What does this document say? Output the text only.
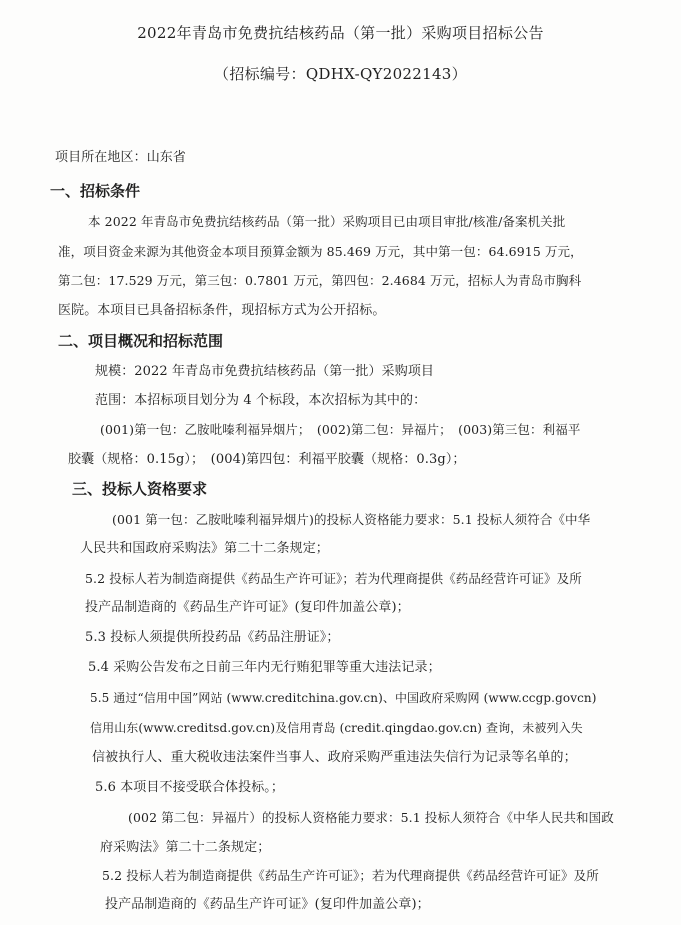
2022年青岛市免费抗结核药品（第一批）采购项目招标公告
（招标编号：QDHX-QY2022143）
项目所在地区：山东省
一、招标条件
本 2022 年青岛市免费抗结核药品（第一批）采购项目已由项目审批/核准/备案机关批
准，项目资金来源为其他资金本项目预算金额为 85.469 万元，其中第一包：64.6915 万元，
第二包：17.529 万元，第三包：0.7801 万元，第四包：2.4684 万元，招标人为青岛市胸科
医院。本项目已具备招标条件，现招标方式为公开招标。
二、项目概况和招标范围
规模：2022 年青岛市免费抗结核药品（第一批）采购项目
范围：本招标项目划分为 4 个标段，本次招标为其中的：
(001)第一包：乙胺吡嗪利福异烟片；　(002)第二包：异福片；　(003)第三包：利福平
胶囊（规格：0.15g）；　(004)第四包：利福平胶囊（规格：0.3g）；
三、投标人资格要求
(001 第一包：乙胺吡嗪利福异烟片)的投标人资格能力要求：5.1 投标人须符合《中华
人民共和国政府采购法》第二十二条规定；
5.2 投标人若为制造商提供《药品生产许可证》；若为代理商提供《药品经营许可证》及所
投产品制造商的《药品生产许可证》(复印件加盖公章)；
5.3 投标人须提供所投药品《药品注册证》；
5.4 采购公告发布之日前三年内无行贿犯罪等重大违法记录；
5.5 通过“信用中国”网站 (www.creditchina.gov.cn)、中国政府采购网 (www.ccgp.govcn)
信用山东(www.creditsd.gov.cn)及信用青岛 (credit.qingdao.gov.cn) 查询，未被列入失
信被执行人、重大税收违法案件当事人、政府采购严重违法失信行为记录等名单的；
5.6 本项目不接受联合体投标。；
(002 第二包：异福片）的投标人资格能力要求：5.1 投标人须符合《中华人民共和国政
府采购法》第二十二条规定；
5.2 投标人若为制造商提供《药品生产许可证》；若为代理商提供《药品经营许可证》及所
投产品制造商的《药品生产许可证》(复印件加盖公章)；
